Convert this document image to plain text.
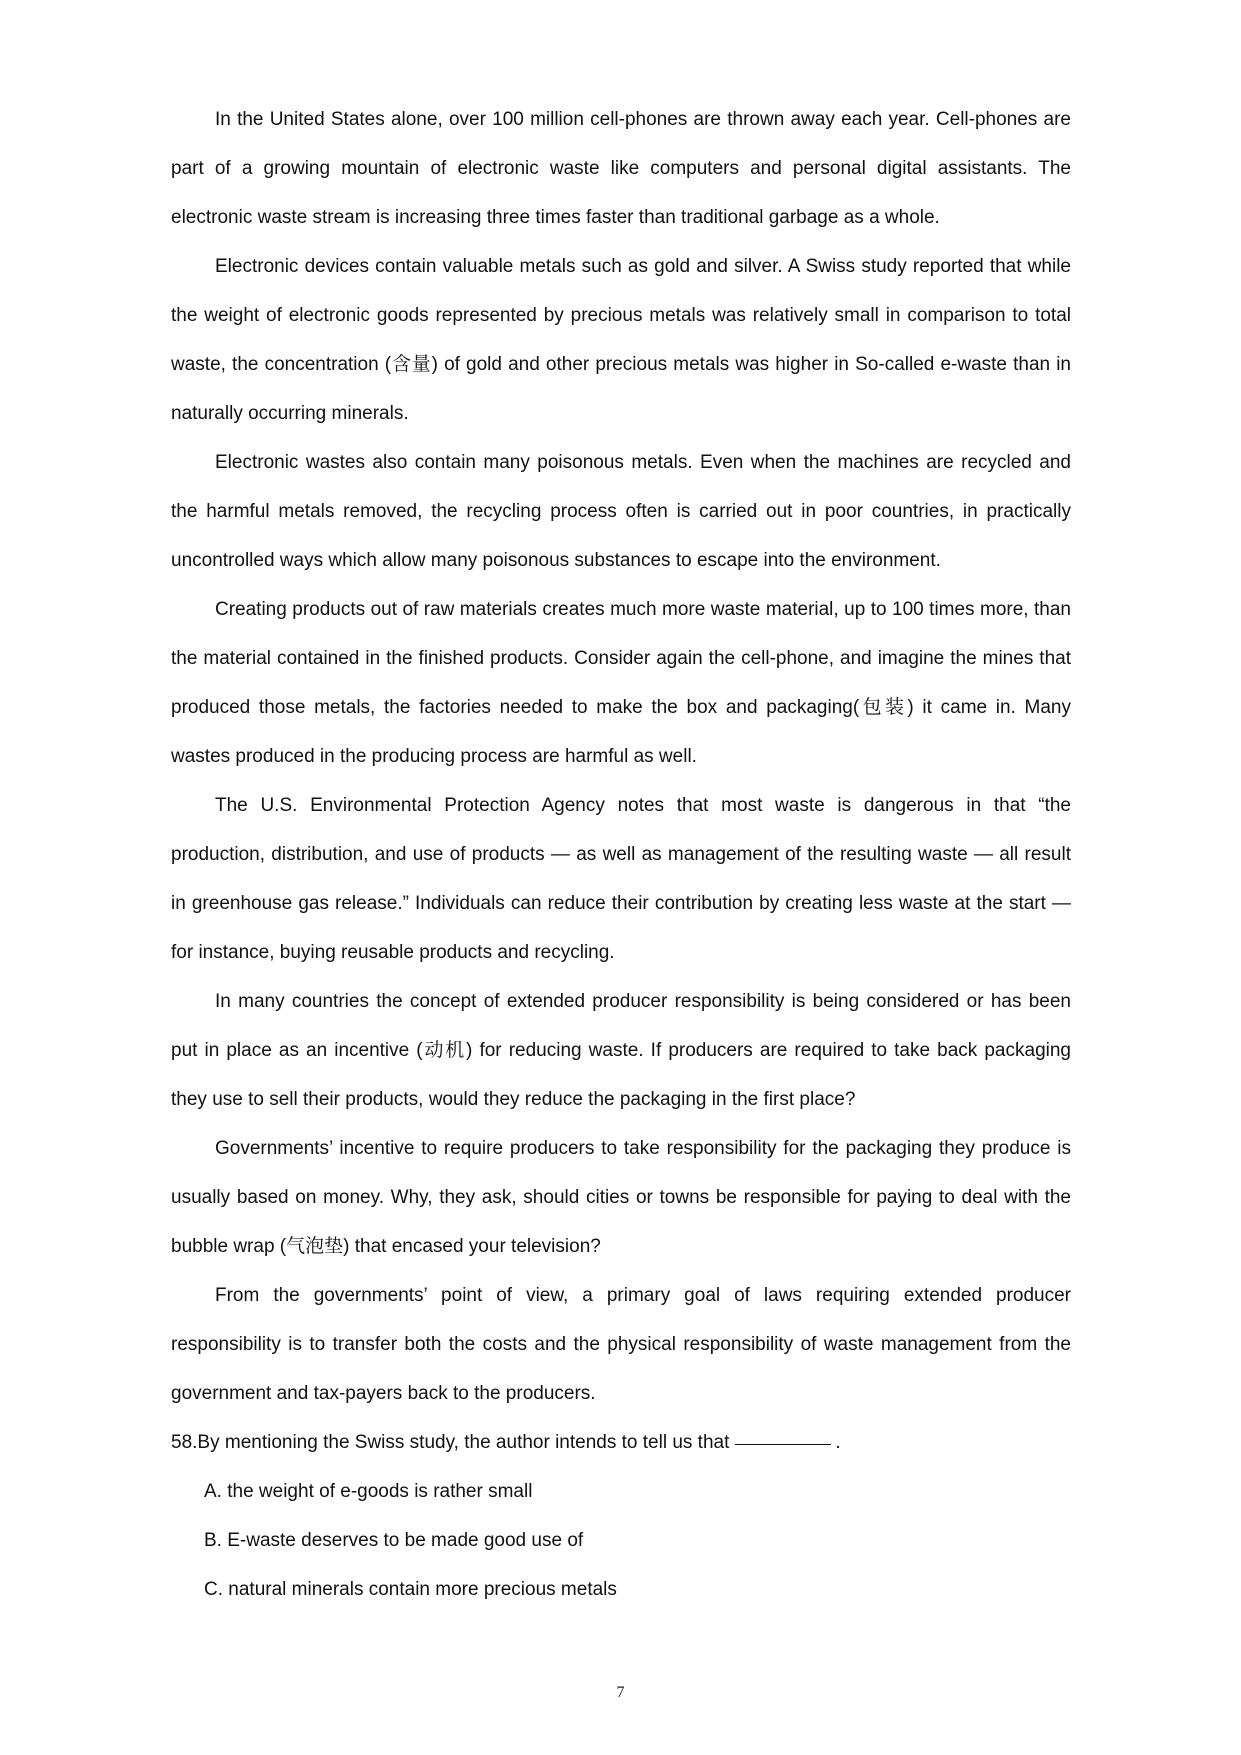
In the United States alone, over 100 million cell-phones are thrown away each year. Cell-phones are part of a growing mountain of electronic waste like computers and personal digital assistants. The electronic waste stream is increasing three times faster than traditional garbage as a whole.

Electronic devices contain valuable metals such as gold and silver. A Swiss study reported that while the weight of electronic goods represented by precious metals was relatively small in comparison to total waste, the concentration (含量) of gold and other precious metals was higher in So-called e-waste than in naturally occurring minerals.

Electronic wastes also contain many poisonous metals. Even when the machines are recycled and the harmful metals removed, the recycling process often is carried out in poor countries, in practically uncontrolled ways which allow many poisonous substances to escape into the environment.

Creating products out of raw materials creates much more waste material, up to 100 times more, than the material contained in the finished products. Consider again the cell-phone, and imagine the mines that produced those metals, the factories needed to make the box and packaging(包装) it came in. Many wastes produced in the producing process are harmful as well.

The U.S. Environmental Protection Agency notes that most waste is dangerous in that “the production, distribution, and use of products — as well as management of the resulting waste — all result in greenhouse gas release.” Individuals can reduce their contribution by creating less waste at the start — for instance, buying reusable products and recycling.

In many countries the concept of extended producer responsibility is being considered or has been put in place as an incentive (动机) for reducing waste. If producers are required to take back packaging they use to sell their products, would they reduce the packaging in the first place?

Governments’ incentive to require producers to take responsibility for the packaging they produce is usually based on money. Why, they ask, should cities or towns be responsible for paying to deal with the bubble wrap (气泡垫) that encased your television?

From the governments’ point of view, a primary goal of laws requiring extended producer responsibility is to transfer both the costs and the physical responsibility of waste management from the government and tax-payers back to the producers.

58.By mentioning the Swiss study, the author intends to tell us that	.

A. the weight of e-goods is rather small

B. E-waste deserves to be made good use of

C. natural minerals contain more precious metals

7
